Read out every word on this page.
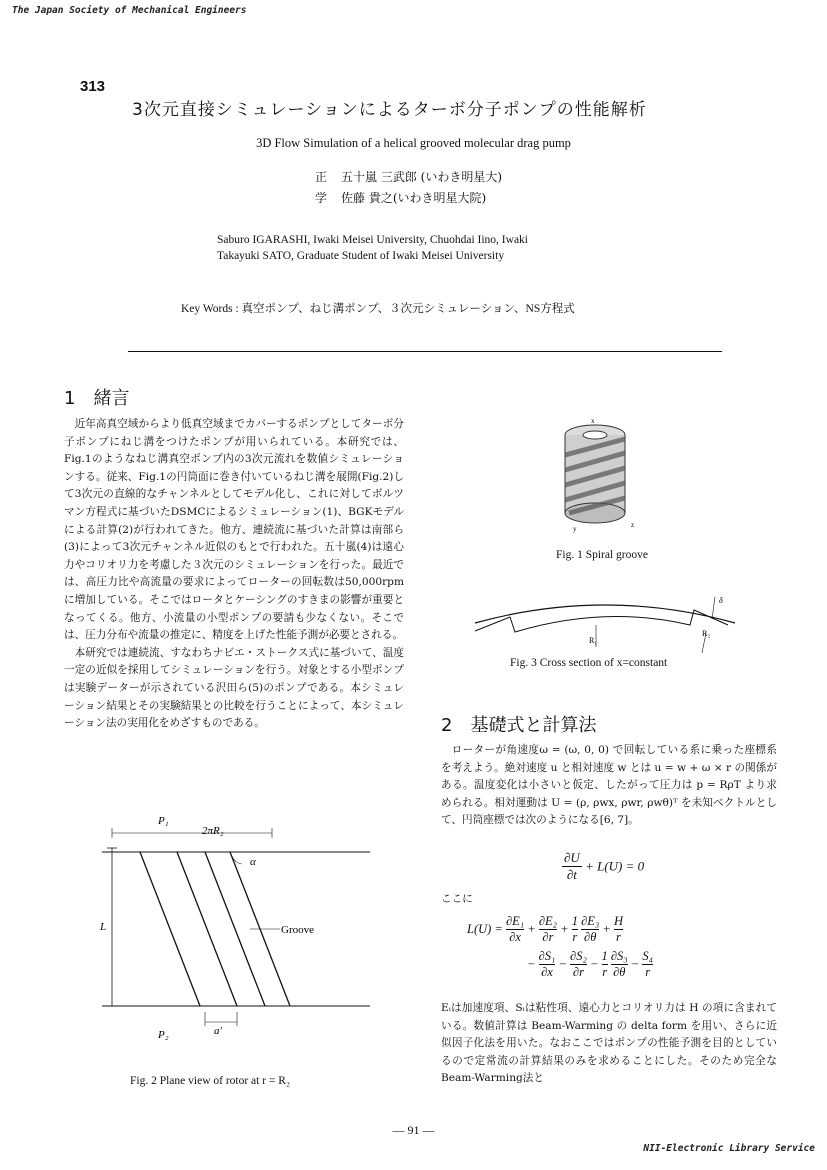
The Japan Society of Mechanical Engineers
NII-Electronic Library Service
313
3次元直接シミュレーションによるターボ分子ポンプの性能解析
3D Flow Simulation of a helical grooved molecular drag pump
正 五十嵐 三武郎 (いわき明星大)
学 佐藤 貴之(いわき明星大院)
Saburo IGARASHI, Iwaki Meisei University, Chuohdai Iino, Iwaki
Takayuki SATO, Graduate Student of Iwaki Meisei University
Key Words : 真空ポンプ、ねじ溝ポンプ、３次元シミュレーション、NS方程式
1　緒言

近年高真空域からより低真空域までカバーするポンプとしてターボ分子ポンプにねじ溝をつけたポンプが用いられている。本研究では、Fig.1のようなねじ溝真空ポンプ内の3次元流れを数値シミュレーションする。従来、Fig.1の円筒面に巻き付いているねじ溝を展開(Fig.2)して3次元の直線的なチャンネルとしてモデル化し、これに対してボルツマン方程式に基づいたDSMCによるシミュレーション(1)、BGKモデルによる計算(2)が行われてきた。他方、連続流に基づいた計算は南部ら(3)によって3次元チャンネル近似のもとで行われた。五十嵐(4)は遠心力やコリオリ力を考慮した３次元のシミュレーションを行った。最近では、高圧力比や高流量の要求によってローターの回転数は50,000rpmに増加している。そこではロータとケーシングのすきまの影響が重要となってくる。他方、小流量の小型ポンプの要請も少なくない。そこでは、圧力分布や流量の推定に、精度を上げた性能予測が必要とされる。

本研究では連続流、すなわちナビエ・ストークス式に基づいて、温度一定の近似を採用してシミュレーションを行う。対象とする小型ポンプは実験データーが示されている沢田ら(5)のポンプである。本シミュレーション結果とその実験結果との比較を行うことによって、本シミュレーション法の実用化をめざすものである。

x
y	z
Fig. 1 Spiral groove
δ
R₁
R₂
Fig. 3 Cross section of x=constant
2　基礎式と計算法

ローターが角速度ω = (ω, 0, 0) で回転している系に乗った座標系を考えよう。絶対速度 u と相対速度 w とは u = w + ω × r の関係がある。温度変化は小さいと仮定、したがって圧力は p = RρT より求められる。相対運動は U = (ρ, ρwx, ρwr, ρwθ)ᵀ を未知ベクトルとして、円筒座標では次のようになる[6, 7]。

$\frac{\partial U}{\partial t} + L(U) = 0$
ここに
$L(U) = \frac{\text{∂E₁}}{\partial x} + \frac{\text{∂E₂}}{\partial r} + \frac{1}{r}$
$\frac{\text{∂E₃}}{\partial\theta} + \frac{H}{r}$
− $\frac{\text{∂S₁}}{\partial x} - \frac{\text{∂S₂}}{\partial r} - \frac{1}{r}$
$\frac{\text{∂S₃}}{\partial\theta} - \frac{\text{S₄}}{r}$

Eᵢは加速度項、Sᵢは粘性項、遠心力とコリオリ力は H の項に含まれている。数値計算は Beam-Warming の delta form を用い、さらに近似因子化法を用いた。なおここではポンプの性能予測を目的としているので定常流の計算結果のみを求めることにした。そのため完全なBeam-Warming法と

P₁
2πR₂
α
L	Groove
P₂	a′
Fig. 2 Plane view of rotor at r = R₂
— 91 —
